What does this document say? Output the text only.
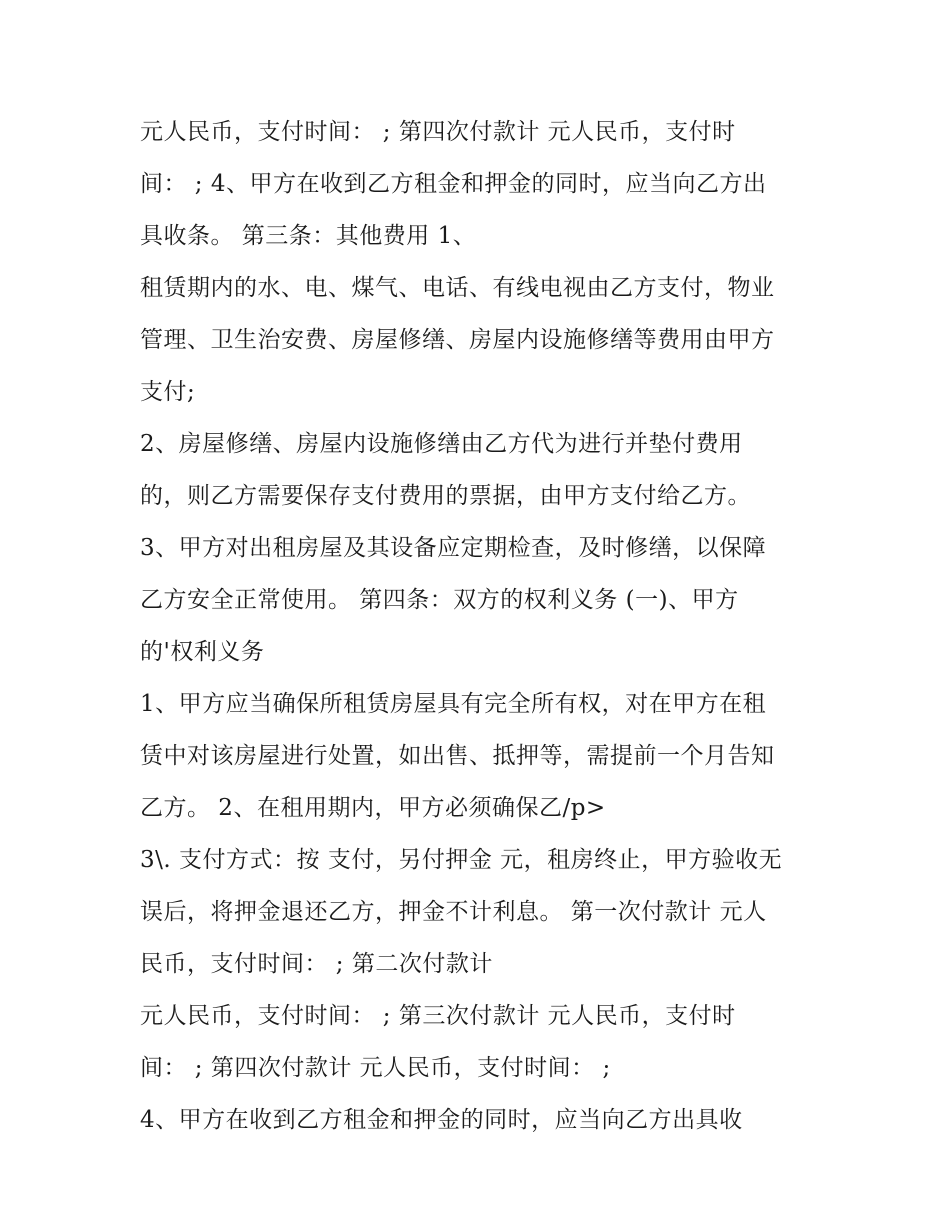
元人民币，支付时间： ; 第四次付款计 元人民币，支付时
间： ; 4、甲方在收到乙方租金和押金的同时，应当向乙方出
具收条。 第三条：其他费用 1、
租赁期内的水、电、煤气、电话、有线电视由乙方支付，物业
管理、卫生治安费、房屋修缮、房屋内设施修缮等费用由甲方
支付;
2、房屋修缮、房屋内设施修缮由乙方代为进行并垫付费用
的，则乙方需要保存支付费用的票据，由甲方支付给乙方。
3、甲方对出租房屋及其设备应定期检查，及时修缮，以保障
乙方安全正常使用。 第四条：双方的权利义务 (一)、甲方
的'权利义务
1、甲方应当确保所租赁房屋具有完全所有权，对在甲方在租
赁中对该房屋进行处置，如出售、抵押等，需提前一个月告知
乙方。 2、在租用期内，甲方必须确保乙/p>
3\. 支付方式：按 支付，另付押金 元，租房终止，甲方验收无
误后，将押金退还乙方，押金不计利息。 第一次付款计 元人
民币，支付时间： ; 第二次付款计
元人民币，支付时间： ; 第三次付款计 元人民币，支付时
间： ; 第四次付款计 元人民币，支付时间： ;
4、甲方在收到乙方租金和押金的同时，应当向乙方出具收
